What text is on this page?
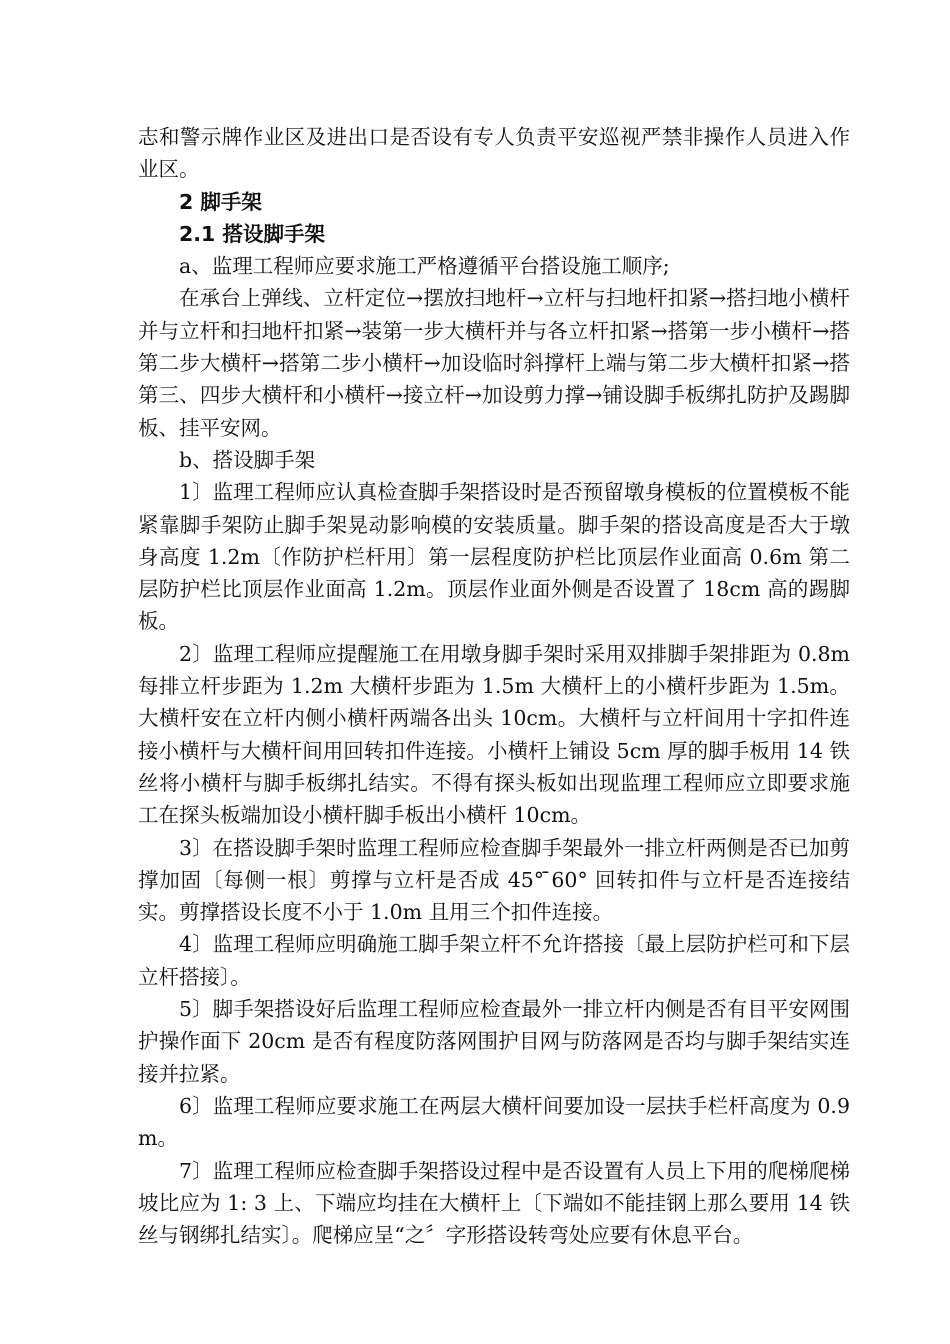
志和警示牌作业区及进出口是否设有专人负责平安巡视严禁非操作人员进入作业区。

2 脚手架

2.1 搭设脚手架

a、监理工程师应要求施工严格遵循平台搭设施工顺序;

在承台上弹线、立杆定位→摆放扫地杆→立杆与扫地杆扣紧→搭扫地小横杆并与立杆和扫地杆扣紧→装第一步大横杆并与各立杆扣紧→搭第一步小横杆→搭第二步大横杆→搭第二步小横杆→加设临时斜撑杆上端与第二步大横杆扣紧→搭第三、四步大横杆和小横杆→接立杆→加设剪力撑→铺设脚手板绑扎防护及踢脚板、挂平安网。

b、搭设脚手架

1〕监理工程师应认真检查脚手架搭设时是否预留墩身模板的位置模板不能紧靠脚手架防止脚手架晃动影响模的安装质量。脚手架的搭设高度是否大于墩身高度 1.2m〔作防护栏杆用〕第一层程度防护栏比顶层作业面高 0.6m 第二层防护栏比顶层作业面高 1.2m。顶层作业面外侧是否设置了 18cm 高的踢脚板。

2〕监理工程师应提醒施工在用墩身脚手架时采用双排脚手架排距为 0.8m 每排立杆步距为 1.2m 大横杆步距为 1.5m 大横杆上的小横杆步距为 1.5m。大横杆安在立杆内侧小横杆两端各出头 10cm。大横杆与立杆间用十字扣件连接小横杆与大横杆间用回转扣件连接。小横杆上铺设 5cm 厚的脚手板用 14 铁丝将小横杆与脚手板绑扎结实。不得有探头板如出现监理工程师应立即要求施工在探头板端加设小横杆脚手板出小横杆 10cm。

3〕在搭设脚手架时监理工程师应检查脚手架最外一排立杆两侧是否已加剪撑加固〔每侧一根〕剪撑与立杆是否成 45° ̄60° 回转扣件与立杆是否连接结实。剪撑搭设长度不小于 1.0m 且用三个扣件连接。

4〕监理工程师应明确施工脚手架立杆不允许搭接〔最上层防护栏可和下层立杆搭接〕。

5〕脚手架搭设好后监理工程师应检查最外一排立杆内侧是否有目平安网围护操作面下 20cm 是否有程度防落网围护目网与防落网是否均与脚手架结实连接并拉紧。

6〕监理工程师应要求施工在两层大横杆间要加设一层扶手栏杆高度为 0.9m。

7〕监理工程师应检查脚手架搭设过程中是否设置有人员上下用的爬梯爬梯坡比应为 1: 3 上、下端应均挂在大横杆上〔下端如不能挂钢上那么要用 14 铁丝与钢绑扎结实〕。爬梯应呈“之〞字形搭设转弯处应要有休息平台。
